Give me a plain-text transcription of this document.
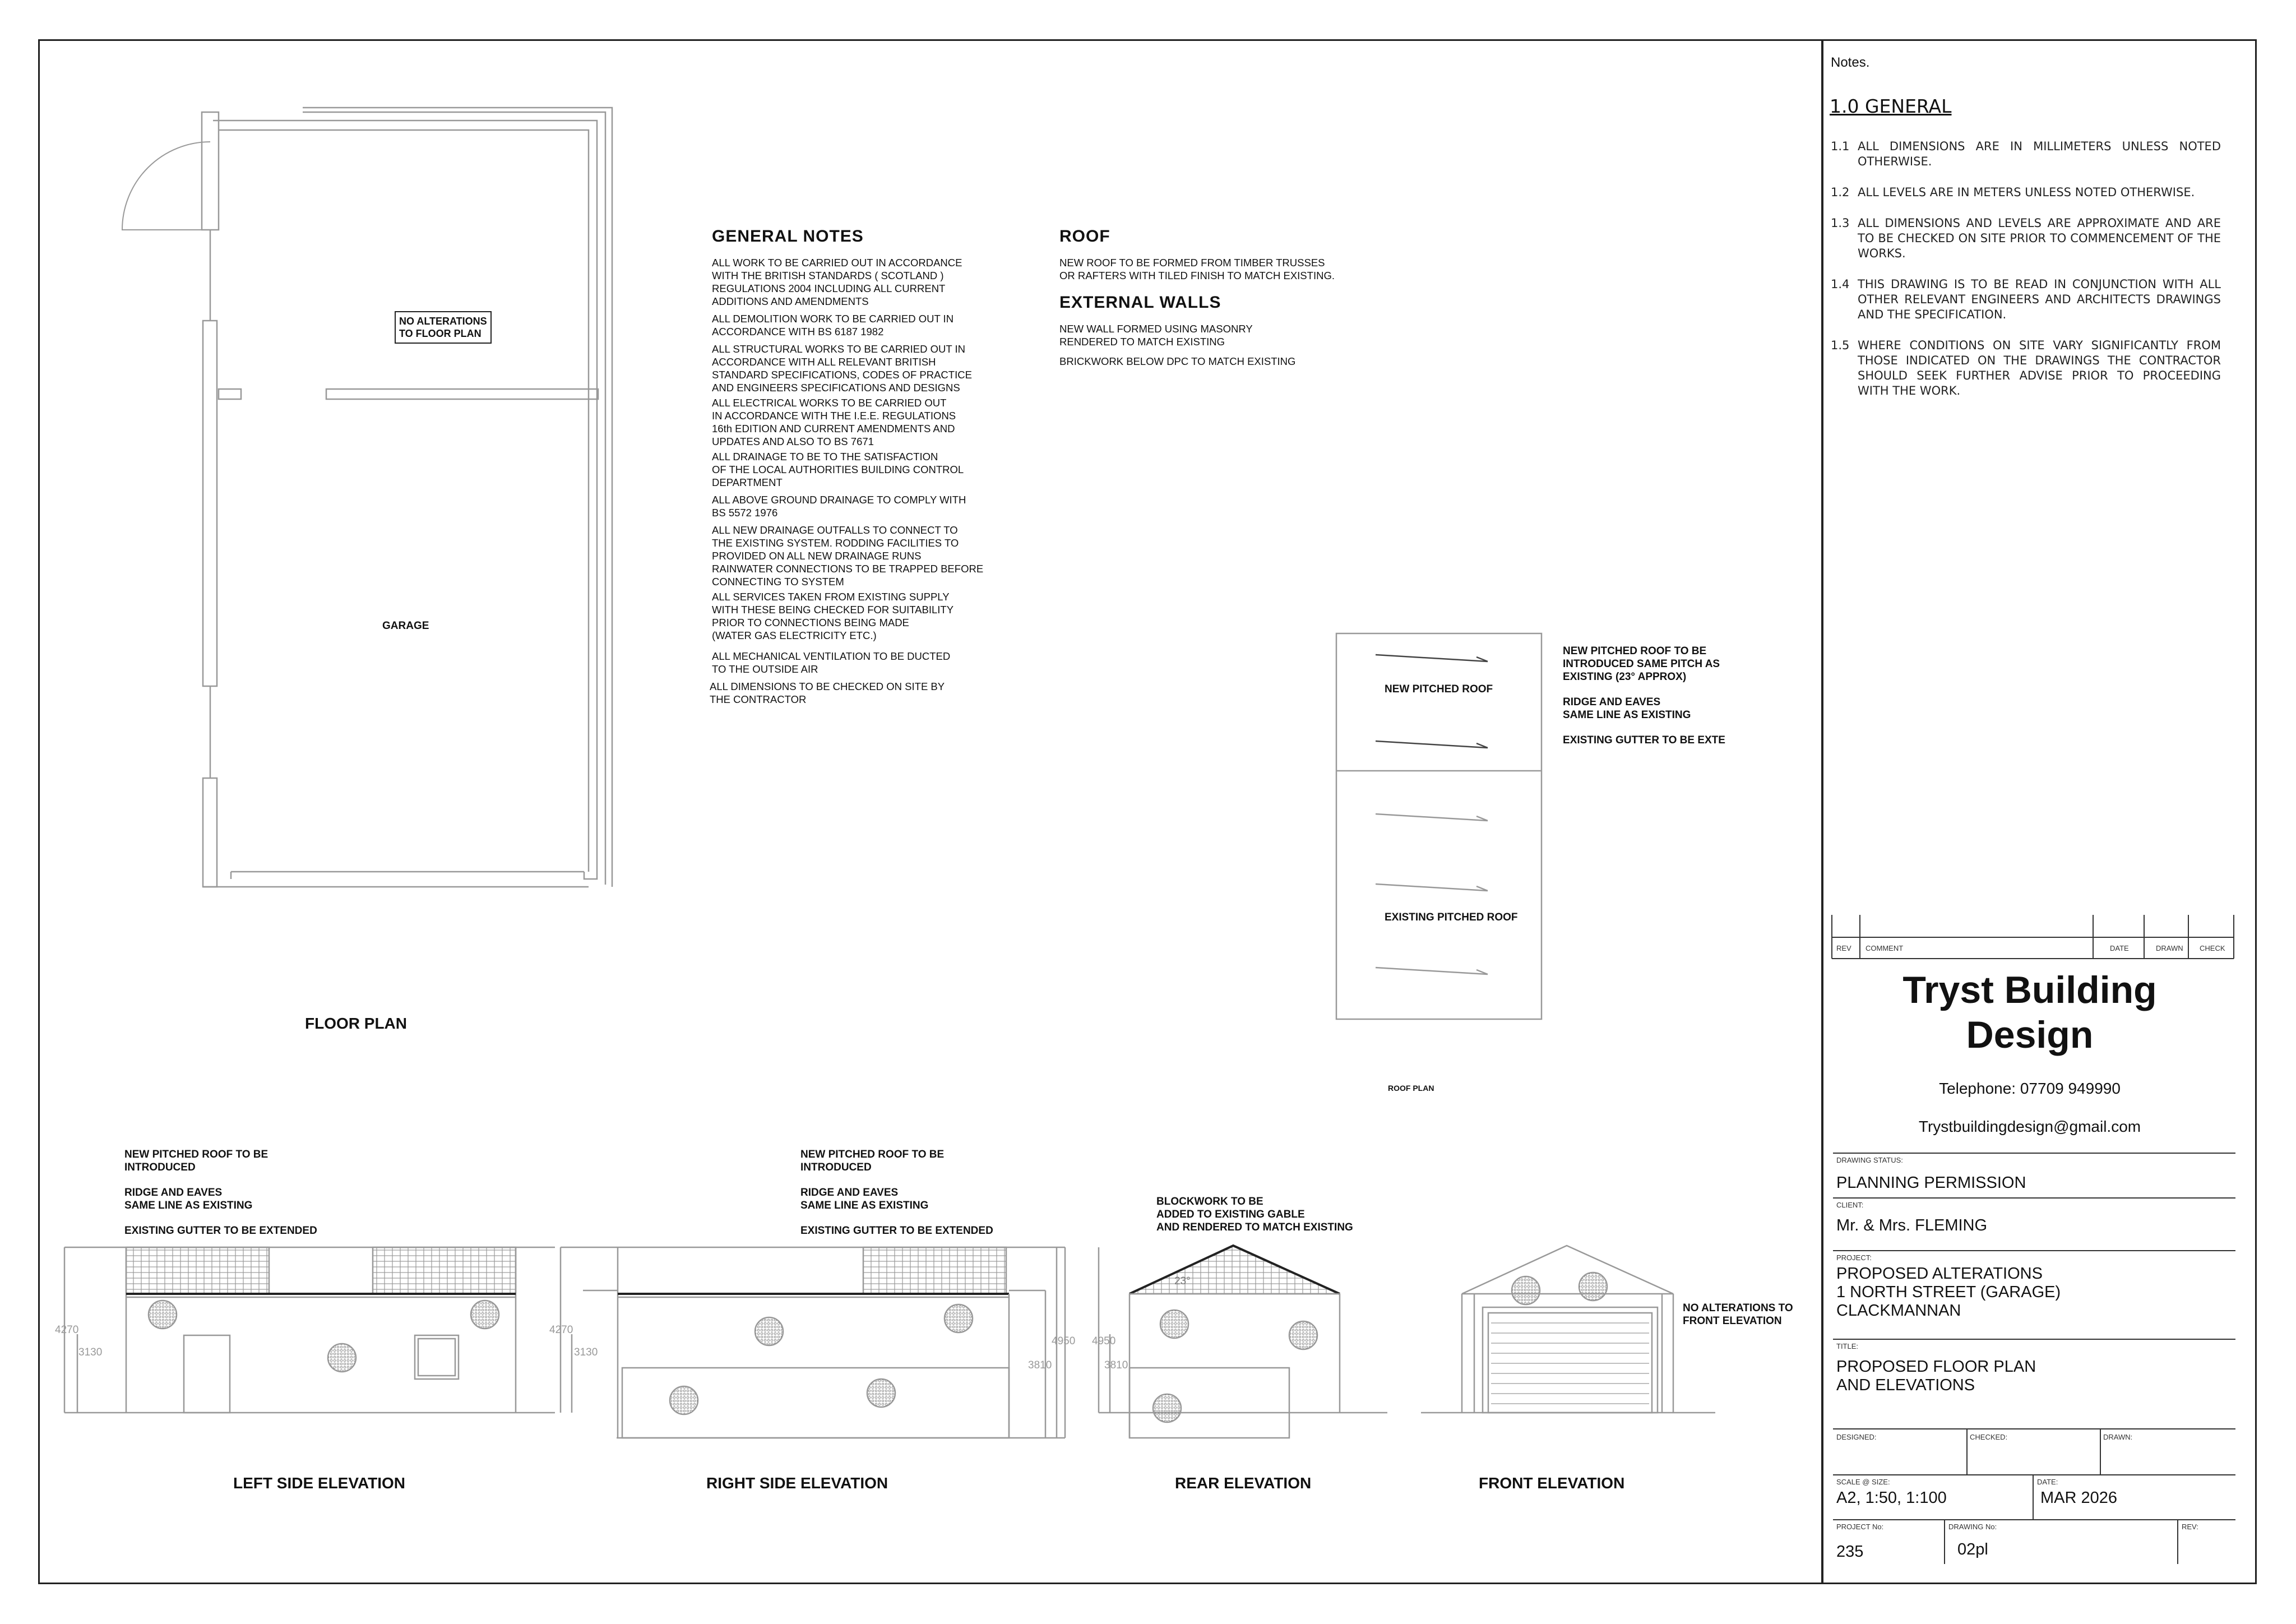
NO ALTERATIONS
TO FLOOR PLAN
GARAGE
FLOOR PLAN
GENERAL NOTES
ALL WORK TO BE CARRIED OUT IN ACCORDANCE
WITH THE BRITISH STANDARDS ( SCOTLAND )
REGULATIONS 2004 INCLUDING ALL CURRENT
ADDITIONS AND AMENDMENTS
ALL DEMOLITION WORK TO BE CARRIED OUT IN
ACCORDANCE WITH BS 6187 1982
ALL STRUCTURAL WORKS TO BE CARRIED OUT IN
ACCORDANCE WITH ALL RELEVANT BRITISH
STANDARD SPECIFICATIONS, CODES OF PRACTICE
AND ENGINEERS SPECIFICATIONS AND DESIGNS
ALL ELECTRICAL WORKS TO BE CARRIED OUT
IN ACCORDANCE WITH THE I.E.E. REGULATIONS
16th EDITION AND CURRENT AMENDMENTS AND
UPDATES AND ALSO TO BS 7671
ALL DRAINAGE TO BE TO THE SATISFACTION
OF THE LOCAL AUTHORITIES BUILDING CONTROL
DEPARTMENT
ALL ABOVE GROUND DRAINAGE TO COMPLY WITH
BS 5572 1976
ALL NEW DRAINAGE OUTFALLS TO CONNECT TO
THE EXISTING SYSTEM. RODDING FACILITIES TO
PROVIDED ON ALL NEW DRAINAGE RUNS
RAINWATER CONNECTIONS TO BE TRAPPED BEFORE
CONNECTING TO SYSTEM
ALL SERVICES TAKEN FROM EXISTING SUPPLY
WITH THESE BEING CHECKED FOR SUITABILITY
PRIOR TO CONNECTIONS BEING MADE
(WATER GAS ELECTRICITY ETC.)
ALL MECHANICAL VENTILATION TO BE DUCTED
TO THE OUTSIDE AIR
ALL DIMENSIONS TO BE CHECKED ON SITE BY
THE CONTRACTOR
ROOF
NEW ROOF TO BE FORMED FROM TIMBER TRUSSES
OR RAFTERS WITH TILED FINISH TO MATCH EXISTING.
EXTERNAL WALLS
NEW WALL FORMED USING MASONRY
RENDERED TO MATCH EXISTING
BRICKWORK BELOW DPC TO MATCH EXISTING
NEW PITCHED ROOF
EXISTING PITCHED ROOF
ROOF PLAN
NEW PITCHED ROOF TO BE
INTRODUCED SAME PITCH AS
EXISTING (23° APPROX)
RIDGE AND EAVES
SAME LINE AS EXISTING
EXISTING GUTTER TO BE EXTE
NEW PITCHED ROOF TO BE
INTRODUCED
RIDGE AND EAVES
SAME LINE AS EXISTING
EXISTING GUTTER TO BE EXTENDED
NEW PITCHED ROOF TO BE
INTRODUCED
RIDGE AND EAVES
SAME LINE AS EXISTING
EXISTING GUTTER TO BE EXTENDED
BLOCKWORK TO BE
ADDED TO EXISTING GABLE
AND RENDERED TO MATCH EXISTING
NO ALTERATIONS TO
FRONT ELEVATION
4270
3130
4270
3130
4950
3810
4950
3810
23°
LEFT SIDE ELEVATION	RIGHT SIDE ELEVATION	REAR ELEVATION	FRONT ELEVATION
Notes.
1.0 GENERAL
1.1 ALL DIMENSIONS ARE IN MILLIMETERS UNLESS NOTED OTHERWISE.
1.2 ALL LEVELS ARE IN METERS UNLESS NOTED OTHERWISE.
1.3 ALL DIMENSIONS AND LEVELS ARE APPROXIMATE AND ARE TO BE CHECKED ON SITE PRIOR TO COMMENCEMENT OF THE WORKS.
1.4 THIS DRAWING IS TO BE READ IN CONJUNCTION WITH ALL OTHER RELEVANT ENGINEERS AND ARCHITECTS DRAWINGS AND THE SPECIFICATION.
1.5 WHERE CONDITIONS ON SITE VARY SIGNIFICANTLY FROM THOSE INDICATED ON THE DRAWINGS THE CONTRACTOR SHOULD SEEK FURTHER ADVISE PRIOR TO PROCEEDING WITH THE WORK.
REV COMMENT	DATE	DRAWN CHECK
Tryst Building
Design
Telephone: 07709 949990
Trystbuildingdesign@gmail.com
DRAWING STATUS:
PLANNING PERMISSION
CLIENT:
Mr. & Mrs. FLEMING
PROJECT:
PROPOSED ALTERATIONS
1 NORTH STREET (GARAGE)
CLACKMANNAN
TITLE:
PROPOSED FLOOR PLAN
AND ELEVATIONS
DESIGNED:	CHECKED:	DRAWN:
SCALE @ SIZE:
A2, 1:50, 1:100
DATE:
MAR 2026
PROJECT No:
235
DRAWING No:
02pl
REV:
